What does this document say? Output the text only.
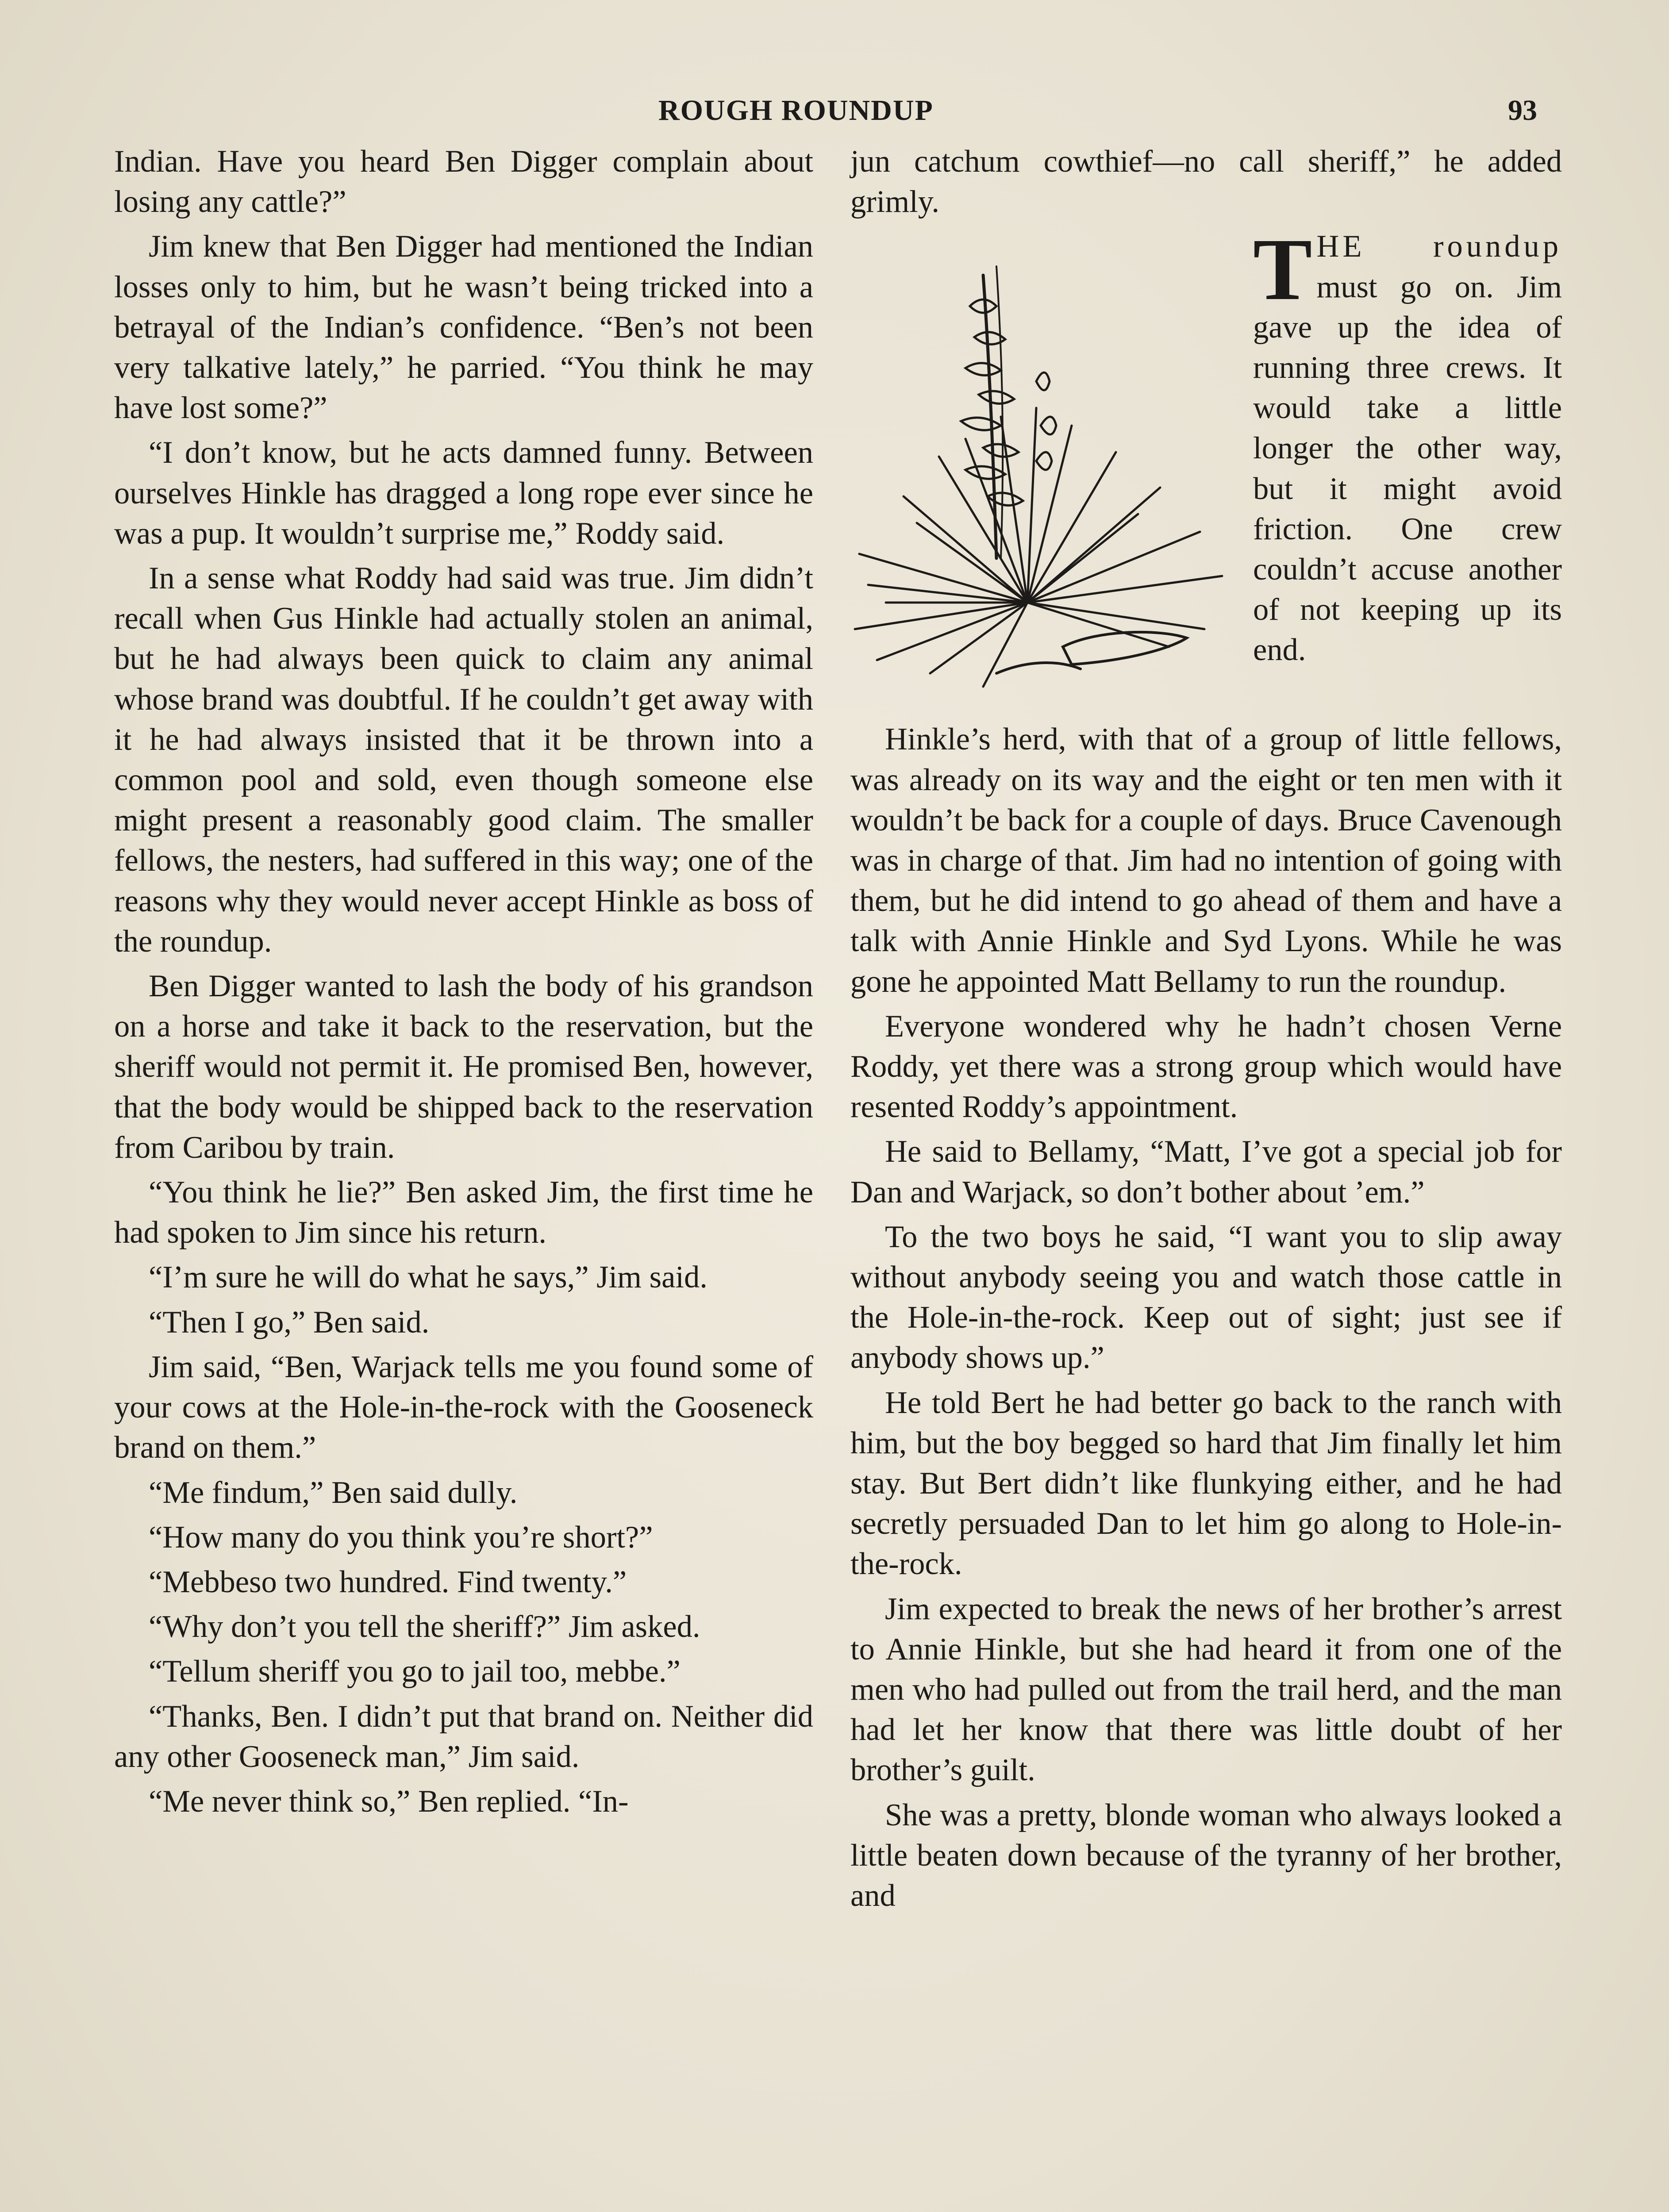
ROUGH ROUNDUP	93

Indian. Have you heard Ben Digger complain about losing any cattle?”

Jim knew that Ben Digger had mentioned the Indian losses only to him, but he wasn’t being tricked into a betrayal of the Indian’s confidence. “Ben’s not been very talkative lately,” he parried. “You think he may have lost some?”

“I don’t know, but he acts damned funny. Between ourselves Hinkle has dragged a long rope ever since he was a pup. It wouldn’t surprise me,” Roddy said.

In a sense what Roddy had said was true. Jim didn’t recall when Gus Hinkle had actually stolen an animal, but he had always been quick to claim any animal whose brand was doubtful. If he couldn’t get away with it he had always insisted that it be thrown into a common pool and sold, even though someone else might present a reasonably good claim. The smaller fellows, the nesters, had suffered in this way; one of the reasons why they would never accept Hinkle as boss of the roundup.

Ben Digger wanted to lash the body of his grandson on a horse and take it back to the reservation, but the sheriff would not permit it. He promised Ben, however, that the body would be shipped back to the reservation from Caribou by train.

“You think he lie?” Ben asked Jim, the first time he had spoken to Jim since his return.

“I’m sure he will do what he says,” Jim said.

“Then I go,” Ben said.

Jim said, “Ben, Warjack tells me you found some of your cows at the Hole-in-the-rock with the Gooseneck brand on them.”

“Me findum,” Ben said dully.

“How many do you think you’re short?”

“Mebbeso two hundred. Find twenty.”

“Why don’t you tell the sheriff?” Jim asked.

“Tellum sheriff you go to jail too, mebbe.”

“Thanks, Ben. I didn’t put that brand on. Neither did any other Gooseneck man,” Jim said.

“Me never think so,” Ben replied. “In-

jun catchum cowthief—no call sheriff,” he added grimly.

T HE roundup must go on. Jim gave up the idea of running three crews. It would take a little longer the other way, but it might avoid friction. One crew couldn’t accuse another of not keeping up its end.

Hinkle’s herd, with that of a group of little fellows, was already on its way and the eight or ten men with it wouldn’t be back for a couple of days. Bruce Cavenough was in charge of that. Jim had no intention of going with them, but he did intend to go ahead of them and have a talk with Annie Hinkle and Syd Lyons. While he was gone he appointed Matt Bellamy to run the roundup.

Everyone wondered why he hadn’t chosen Verne Roddy, yet there was a strong group which would have resented Roddy’s appointment.

He said to Bellamy, “Matt, I’ve got a special job for Dan and Warjack, so don’t bother about ’em.”

To the two boys he said, “I want you to slip away without anybody seeing you and watch those cattle in the Hole-in-the-rock. Keep out of sight; just see if anybody shows up.”

He told Bert he had better go back to the ranch with him, but the boy begged so hard that Jim finally let him stay. But Bert didn’t like flunkying either, and he had secretly persuaded Dan to let him go along to Hole-in-the-rock.

Jim expected to break the news of her brother’s arrest to Annie Hinkle, but she had heard it from one of the men who had pulled out from the trail herd, and the man had let her know that there was little doubt of her brother’s guilt.

She was a pretty, blonde woman who always looked a little beaten down because of the tyranny of her brother, and
